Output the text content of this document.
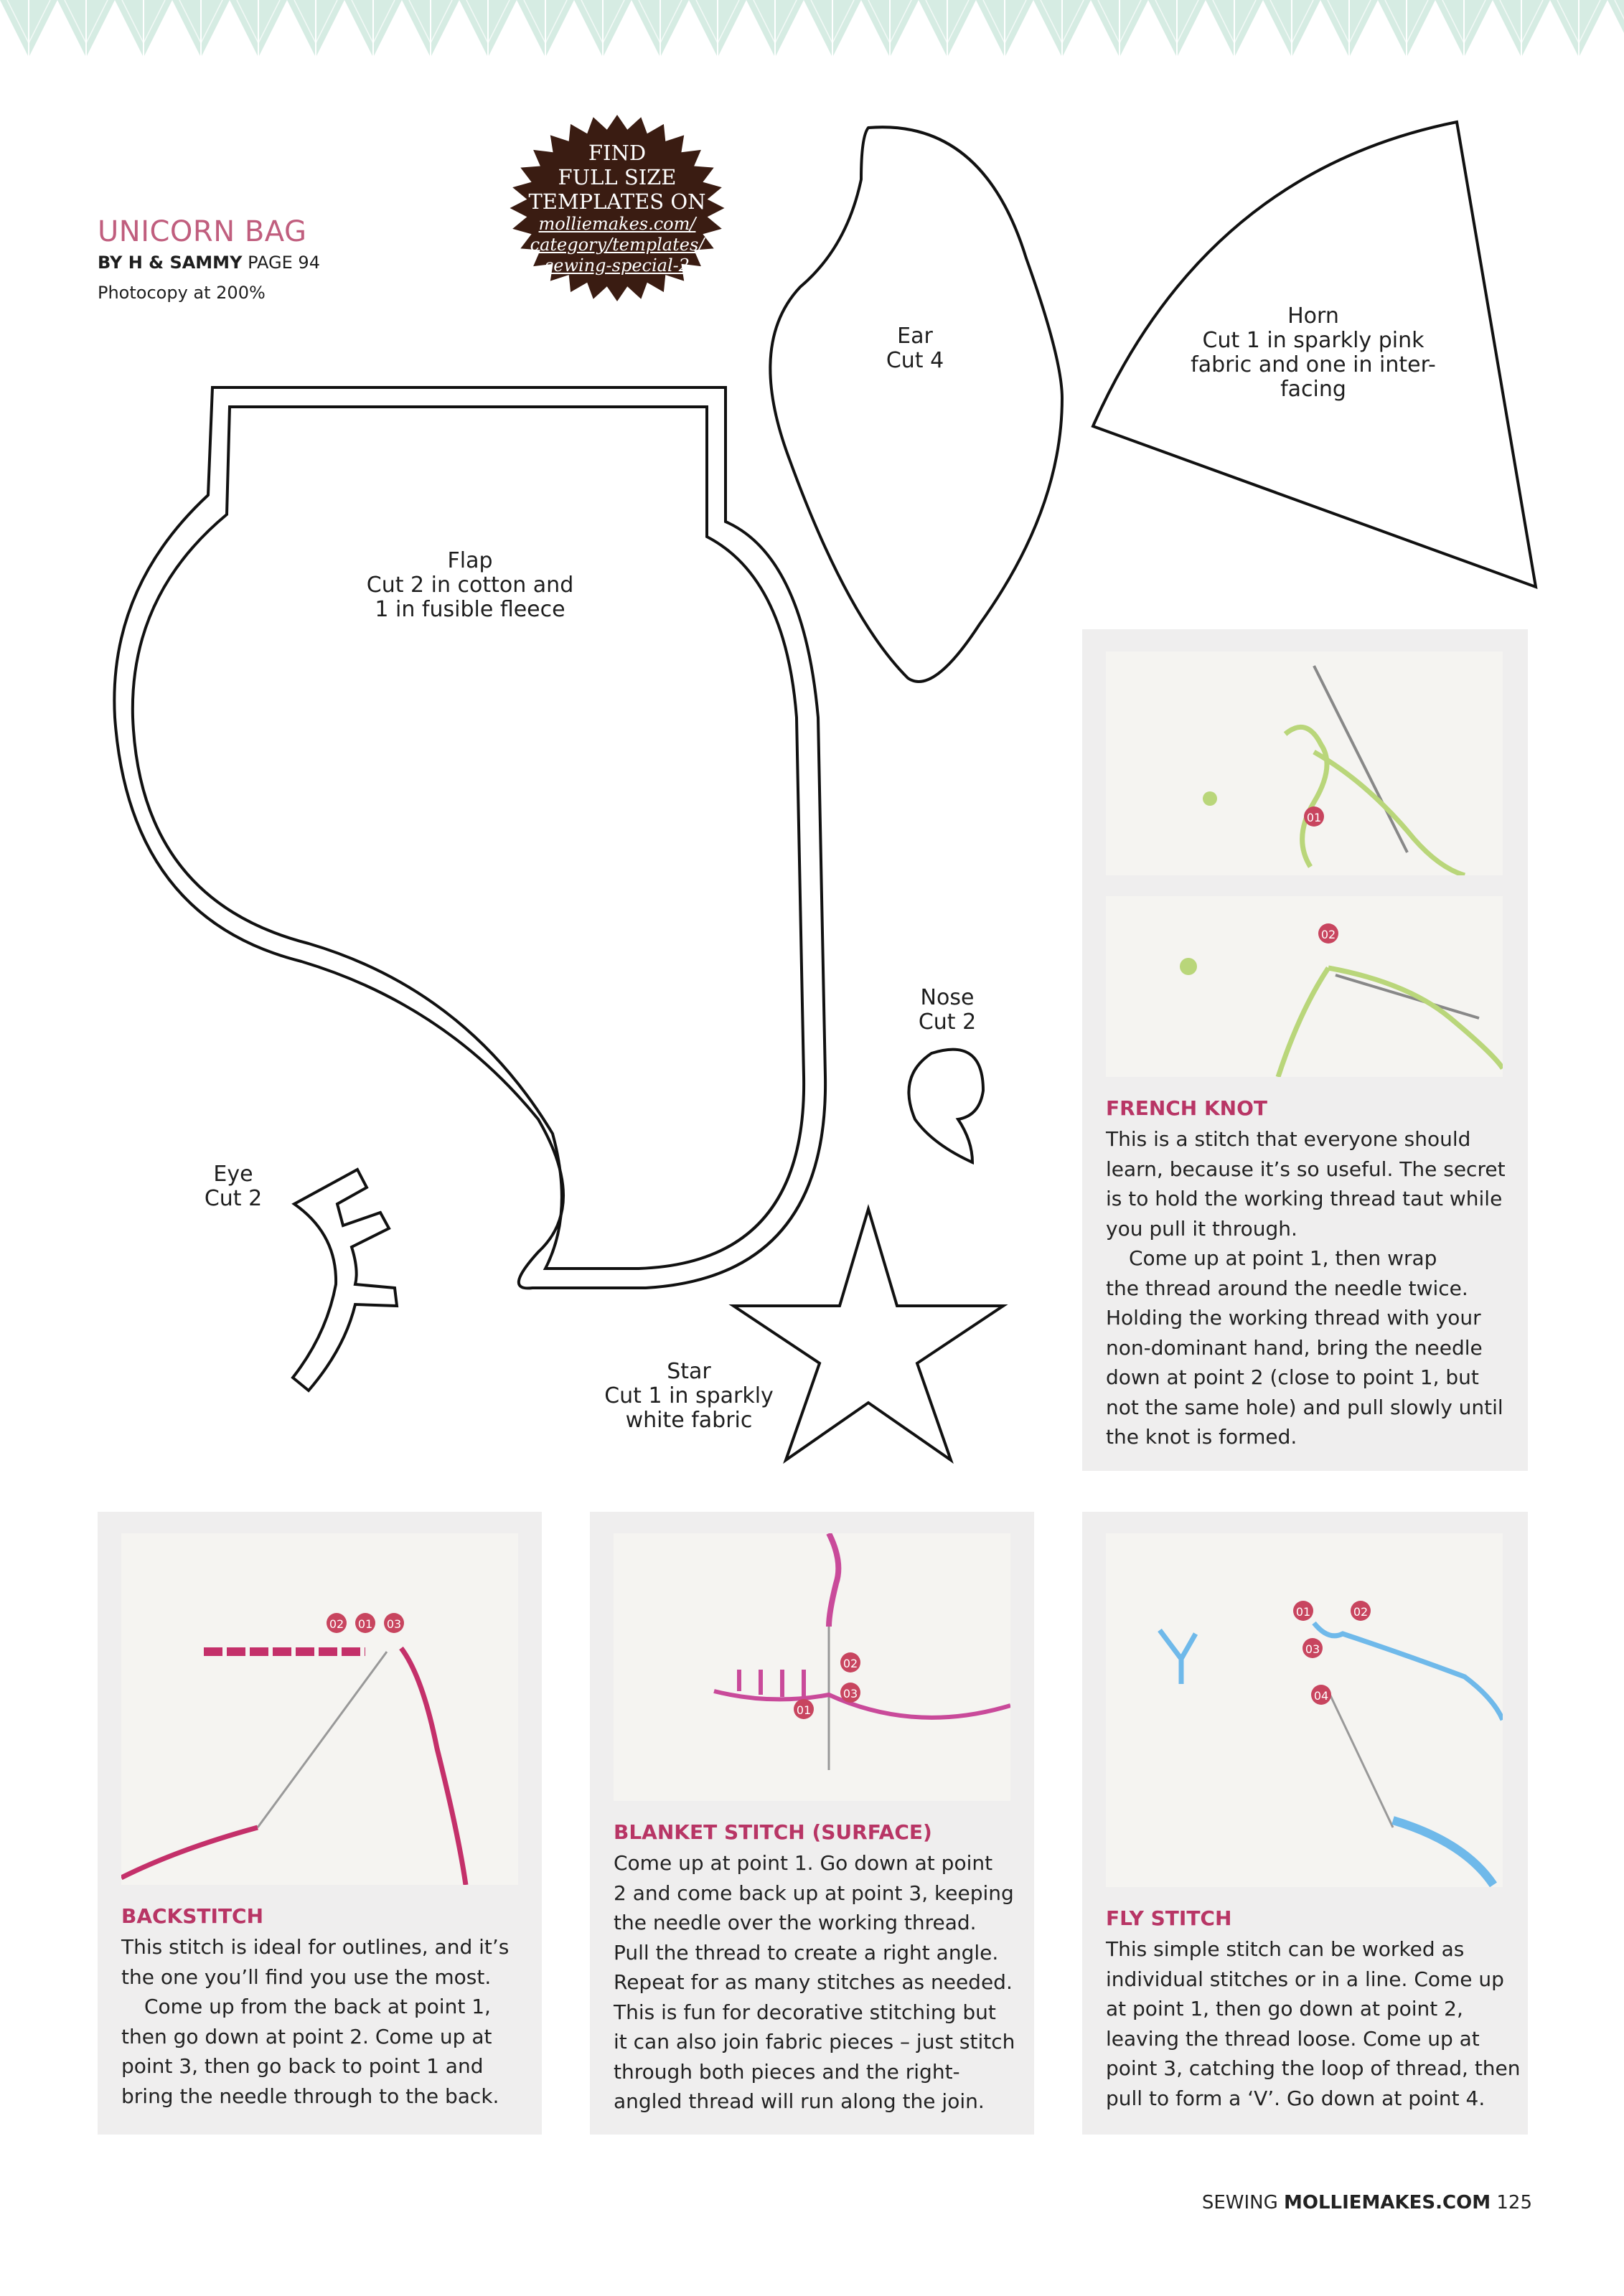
UNICORN BAG
BY H & SAMMY PAGE 94
Photocopy at 200%
FIND
FULL SIZE
TEMPLATES ON
molliemakes.com/
category/templates/
sewing-special-2
Ear
Cut 4
Horn
Cut 1 in sparkly pink
fabric and one in inter-
facing
Flap
Cut 2 in cotton and
1 in fusible fleece
Nose
Cut 2
Eye
Cut 2
Star
Cut 1 in sparkly
white fabric
01
02
FRENCH KNOT

This is a stitch that everyone should

learn, because it’s so useful. The secret

is to hold the working thread taut while

you pull it through.

Come up at point 1, then wrap

the thread around the needle twice.

Holding the working thread with your

non-dominant hand, bring the needle

down at point 2 (close to point 1, but

not the same hole) and pull slowly until

the knot is formed.

02 01 03
BACKSTITCH

This stitch is ideal for outlines, and it’s

the one you’ll find you use the most.

Come up from the back at point 1,

then go down at point 2. Come up at

point 3, then go back to point 1 and

bring the needle through to the back.

02
03
01
BLANKET STITCH (SURFACE)

Come up at point 1. Go down at point

2 and come back up at point 3, keeping

the needle over the working thread.

Pull the thread to create a right angle.

Repeat for as many stitches as needed.

This is fun for decorative stitching but

it can also join fabric pieces – just stitch

through both pieces and the right-

angled thread will run along the join.

01	02
03
04
FLY STITCH

This simple stitch can be worked as

individual stitches or in a line. Come up

at point 1, then go down at point 2,

leaving the thread loose. Come up at

point 3, catching the loop of thread, then

pull to form a ‘V’. Go down at point 4.

SEWING MOLLIEMAKES.COM 125
